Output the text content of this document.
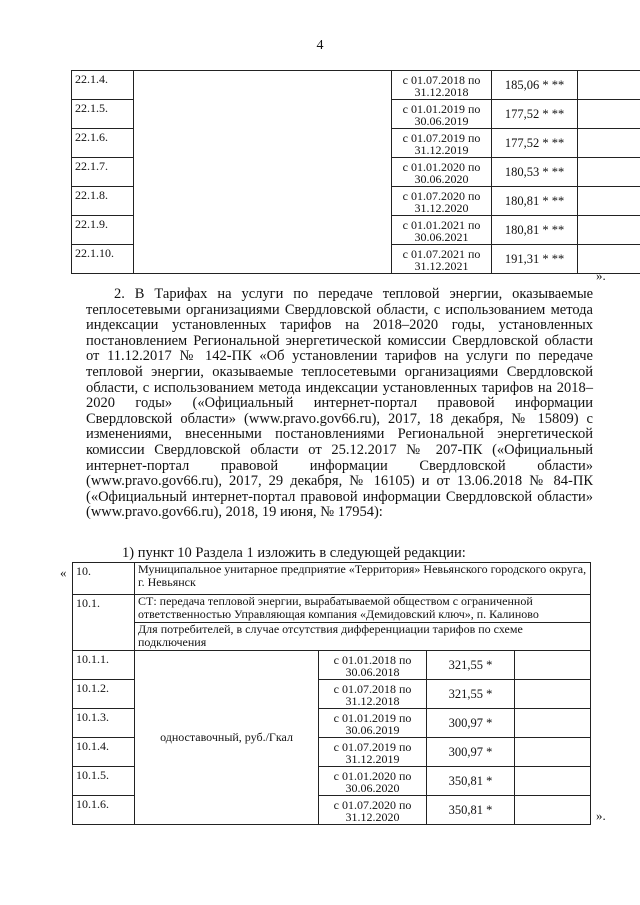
4
22.1.4.		с 01.07.2018 по 31.12.2018	185,06 * **	
22.1.5.		с 01.01.2019 по 30.06.2019	177,52 * **	
22.1.6.		с 01.07.2019 по 31.12.2019	177,52 * **	
22.1.7.		с 01.01.2020 по 30.06.2020	180,53 * **	
22.1.8.		с 01.07.2020 по 31.12.2020	180,81 * **	
22.1.9.		с 01.01.2021 по 30.06.2021	180,81 * **	
22.1.10.		с 01.07.2021 по 31.12.2021	191,31 * **	
».

2. В Тарифах на услуги по передаче тепловой энергии, оказываемые теплосетевыми организациями Свердловской области, с использованием метода индексации установленных тарифов на 2018–2020 годы, установленных постановлением Региональной энергетической комиссии Свердловской области от 11.12.2017 № 142-ПК «Об установлении тарифов на услуги по передаче тепловой энергии, оказываемые теплосетевыми организациями Свердловской области, с использованием метода индексации установленных тарифов на 2018–2020 годы» («Официальный интернет-портал правовой информации Свердловской области» (www.pravo.gov66.ru), 2017, 18 декабря, № 15809) с изменениями, внесенными постановлениями Региональной энергетической комиссии Свердловской области от 25.12.2017 № 207-ПК («Официальный интернет-портал правовой информации Свердловской области» (www.pravo.gov66.ru), 2017, 29 декабря, № 16105) и от 13.06.2018 № 84-ПК («Официальный интернет-портал правовой информации Свердловской области» (www.pravo.gov66.ru), 2018, 19 июня, № 17954):

1) пункт 10 Раздела 1 изложить в следующей редакции:
« 10.	Муниципальное унитарное предприятие «Территория» Невьянского городского округа, г. Невьянск			
10.1.	СТ: передача тепловой энергии, вырабатываемой обществом с ограниченной ответственностью Управляющая компания «Демидовский ключ», п. Калиново			
	Для потребителей, в случае отсутствия дифференциации тарифов по схеме подключения			
10.1.1.	одноставочный, руб./Гкал	с 01.01.2018 по 30.06.2018	321,55 *	
10.1.2.		с 01.07.2018 по 31.12.2018	321,55 *	
10.1.3.		с 01.01.2019 по 30.06.2019	300,97 *	
10.1.4.		с 01.07.2019 по 31.12.2019	300,97 *	
10.1.5.		с 01.01.2020 по 30.06.2020	350,81 *	
10.1.6.		с 01.07.2020 по 31.12.2020	350,81 *		».
